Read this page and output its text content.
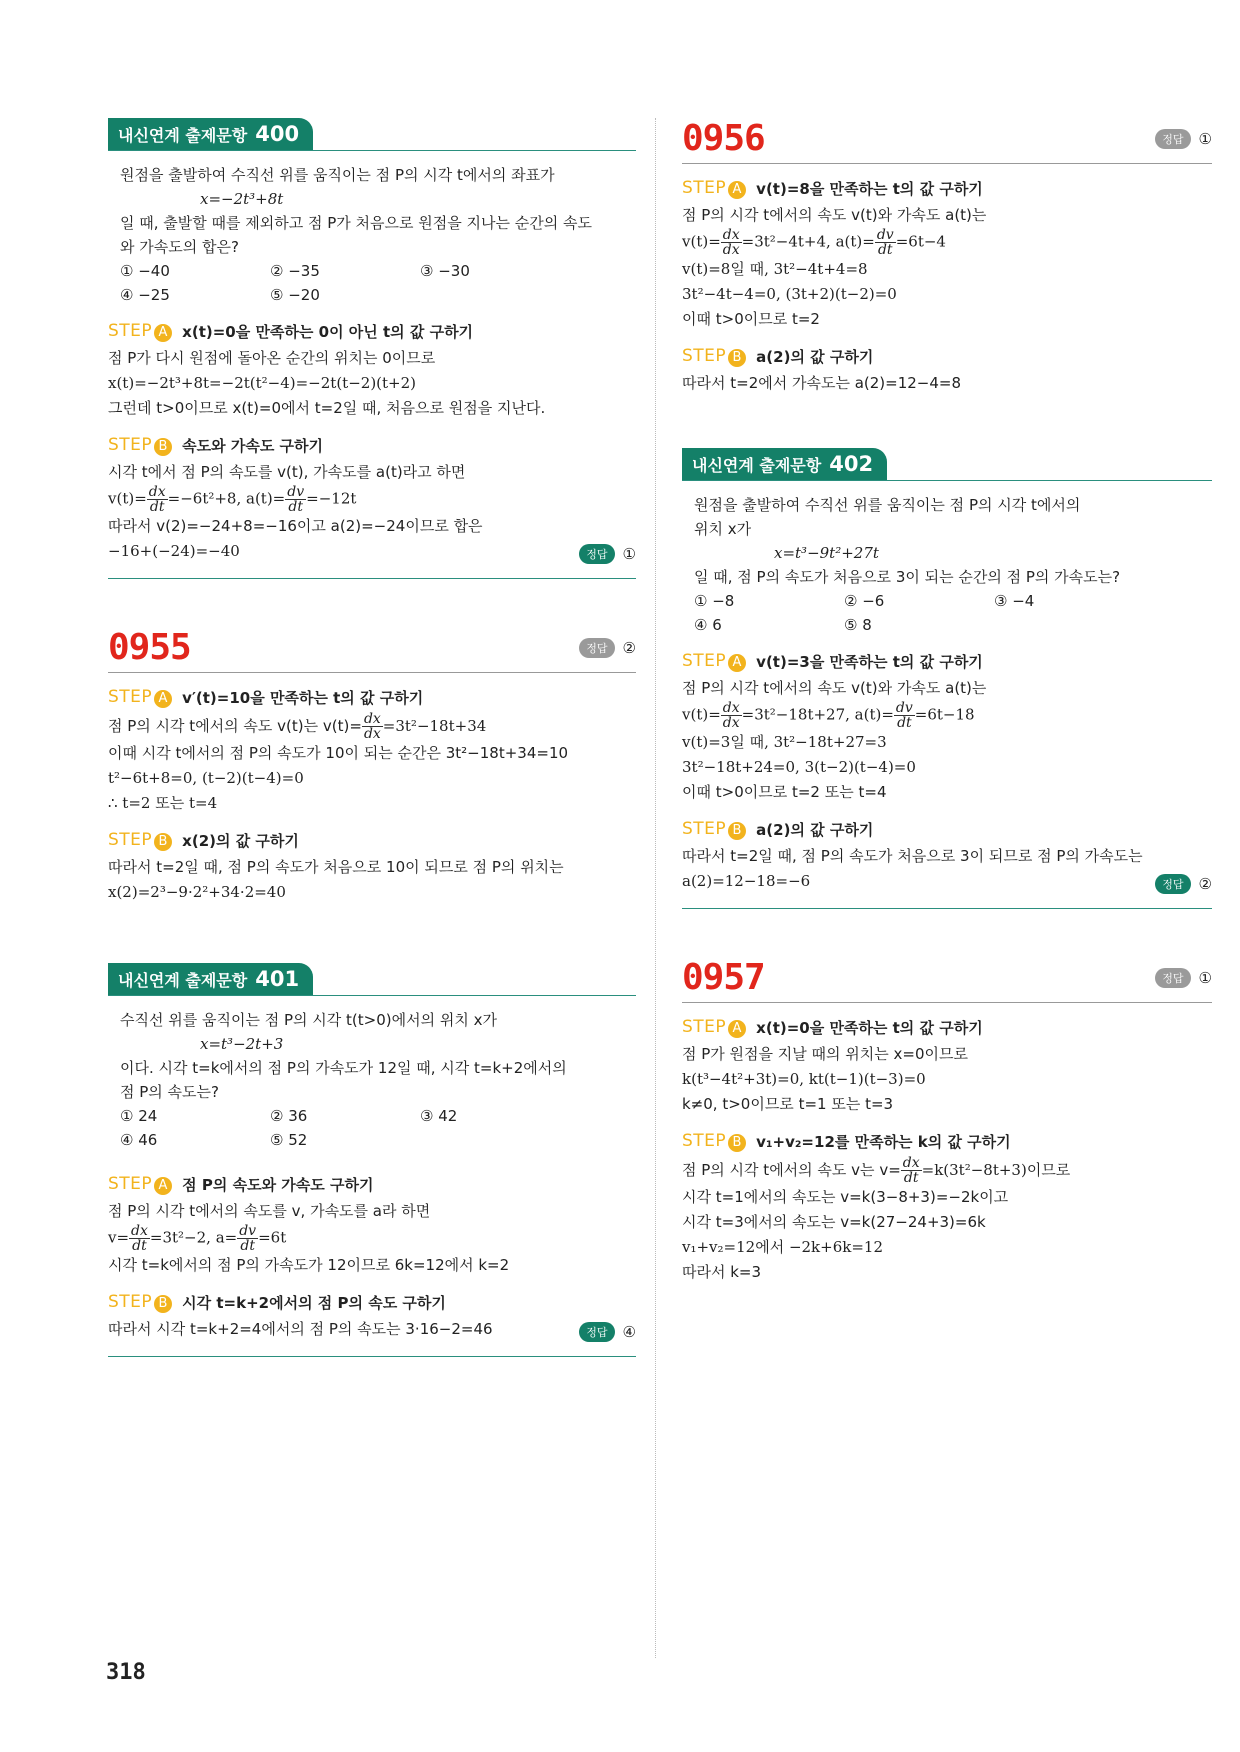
내신연계 출제문항 400

원점을 출발하여 수직선 위를 움직이는 점 P의 시각 t에서의 좌표가

x=−2t³+8t

일 때, 출발할 때를 제외하고 점 P가 처음으로 원점을 지나는 순간의 속도

와 가속도의 합은?

① −40	② −35	③ −30
④ −25	⑤ −20
STEP A x(t)=0을 만족하는 0이 아닌 t의 값 구하기

점 P가 다시 원점에 돌아온 순간의 위치는 0이므로

x(t)=−2t³+8t=−2t(t²−4)=−2t(t−2)(t+2)

그런데 t>0이므로 x(t)=0에서 t=2일 때, 처음으로 원점을 지난다.

STEP B 속도와 가속도 구하기

시각 t에서 점 P의 속도를 v(t), 가속도를 a(t)라고 하면

$v(t)= \frac{dx}{dt} =-6t^2+8$, $a(t)= \frac{dv}{dt} =-12t$

따라서 v(2)=−24+8=−16이고 a(2)=−24이므로 합은

−16+(−24)=−40	정답	①
0955	정답	②
STEP A v′(t)=10을 만족하는 t의 값 구하기

점 P의 시각 t에서의 속도 v(t)는 $v(t)= \frac{dx}{dx} =3t^2-18t+34$

이때 시각 t에서의 점 P의 속도가 10이 되는 순간은 3t²−18t+34=10

t²−6t+8=0, (t−2)(t−4)=0

∴ t=2 또는 t=4

STEP B x(2)의 값 구하기

따라서 t=2일 때, 점 P의 속도가 처음으로 10이 되므로 점 P의 위치는

x(2)=2³−9·2²+34·2=40

내신연계 출제문항 401

수직선 위를 움직이는 점 P의 시각 t(t>0)에서의 위치 x가

x=t³−2t+3

이다. 시각 t=k에서의 점 P의 가속도가 12일 때, 시각 t=k+2에서의

점 P의 속도는?

① 24	② 36	③ 42
④ 46	⑤ 52
STEP A 점 P의 속도와 가속도 구하기

점 P의 시각 t에서의 속도를 v, 가속도를 a라 하면

$v= \frac{dx}{dt} =3t^2-2$, $a= \frac{dv}{dt} =6t$

시각 t=k에서의 점 P의 가속도가 12이므로 6k=12에서 k=2

STEP B 시각 t=k+2에서의 점 P의 속도 구하기

따라서 시각 t=k+2=4에서의 점 P의 속도는 3·16−2=46	정답	④
0956	정답	①
STEP A v(t)=8을 만족하는 t의 값 구하기

점 P의 시각 t에서의 속도 v(t)와 가속도 a(t)는

$v(t)= \frac{dx}{dx} =3t^2-4t+4$, $a(t)= \frac{dv}{dt} =6t-4$

v(t)=8일 때, 3t²−4t+4=8

3t²−4t−4=0, (3t+2)(t−2)=0

이때 t>0이므로 t=2

STEP B a(2)의 값 구하기

따라서 t=2에서 가속도는 a(2)=12−4=8

내신연계 출제문항 402

원점을 출발하여 수직선 위를 움직이는 점 P의 시각 t에서의

위치 x가

x=t³−9t²+27t

일 때, 점 P의 속도가 처음으로 3이 되는 순간의 점 P의 가속도는?

① −8	② −6	③ −4
④ 6	⑤ 8
STEP A v(t)=3을 만족하는 t의 값 구하기

점 P의 시각 t에서의 속도 v(t)와 가속도 a(t)는

$v(t)= \frac{dx}{dx} =3t^2-18t+27$, $a(t)= \frac{dv}{dt} =6t-18$

v(t)=3일 때, 3t²−18t+27=3

3t²−18t+24=0, 3(t−2)(t−4)=0

이때 t>0이므로 t=2 또는 t=4

STEP B a(2)의 값 구하기

따라서 t=2일 때, 점 P의 속도가 처음으로 3이 되므로 점 P의 가속도는

a(2)=12−18=−6	정답	②
0957	정답	①
STEP A x(t)=0을 만족하는 t의 값 구하기

점 P가 원점을 지날 때의 위치는 x=0이므로

k(t³−4t²+3t)=0, kt(t−1)(t−3)=0

k≠0, t>0이므로 t=1 또는 t=3

STEP B v₁+v₂=12를 만족하는 k의 값 구하기

점 P의 시각 t에서의 속도 v는 $v= \frac{dx}{dt} =k(3t^2-8t+3)$이므로

시각 t=1에서의 속도는 v=k(3−8+3)=−2k이고

시각 t=3에서의 속도는 v=k(27−24+3)=6k

v₁+v₂=12에서 −2k+6k=12

따라서 k=3

318
